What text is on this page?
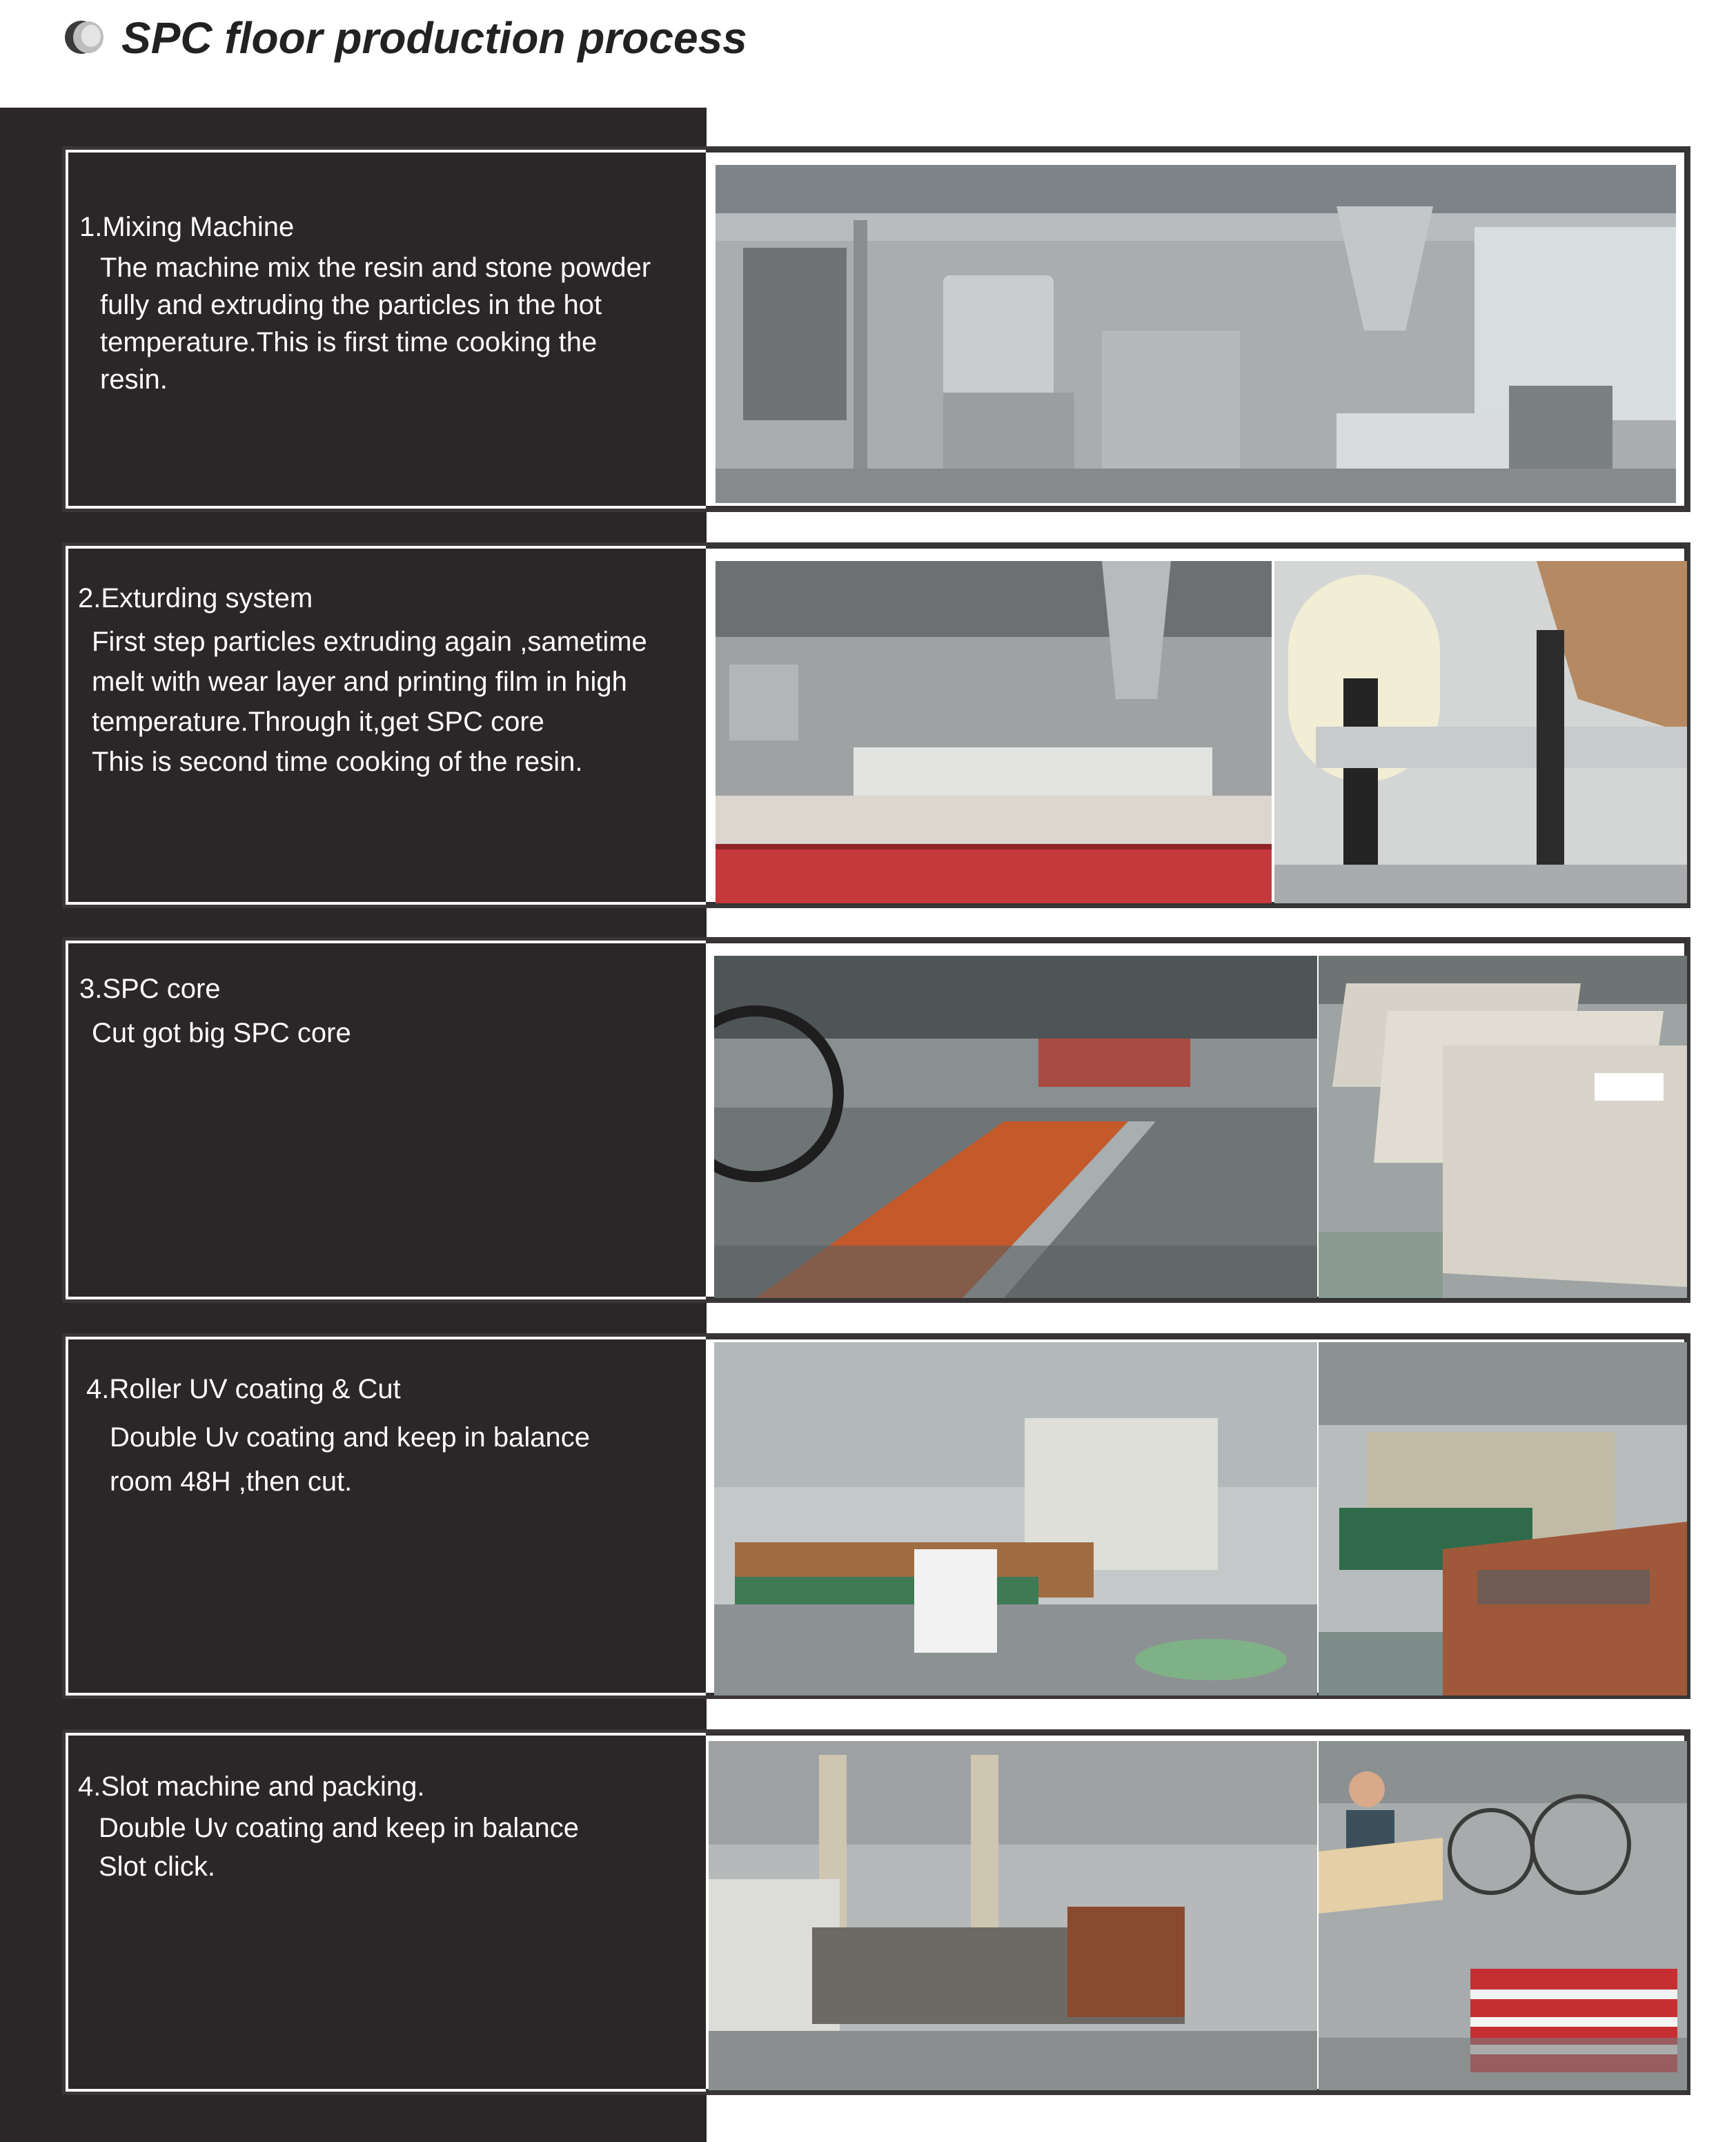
SPC floor production process
1.Mixing Machine
The machine mix the resin and stone powder
fully and extruding the particles in the hot
temperature.This is first time cooking the
resin.
2.Exturding system
First step particles extruding again ,sametime
melt with wear layer and printing film in high
temperature.Through it,get SPC core
This is second time cooking of the resin.
3.SPC core
Cut got big SPC core
4.Roller UV coating & Cut
Double Uv coating and keep in balance
room 48H ,then cut.
4.Slot machine and packing.
Double Uv coating and keep in balance
Slot click.
